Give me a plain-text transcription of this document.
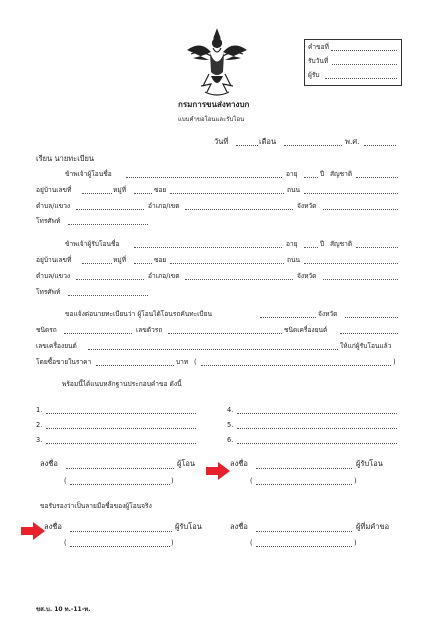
คำขอที่
รับวันที่
ผู้รับ
กรมการขนส่งทางบก
แบบคำขอโอนและรับโอน
วันที่	เดือน	พ.ศ.
เรียน นายทะเบียน
ข้าพเจ้าผู้โอนชื่อ	อายุ	ปี สัญชาติ
อยู่บ้านเลขที่	หมู่ที่	ซอย	ถนน
ตำบล/แขวง	อำเภอ/เขต	จังหวัด
โทรศัพท์
ข้าพเจ้าผู้รับโอนชื่อ	อายุ	ปี สัญชาติ
อยู่บ้านเลขที่	หมู่ที่	ซอย	ถนน
ตำบล/แขวง	อำเภอ/เขต	จังหวัด
โทรศัพท์
ขอแจ้งต่อนายทะเบียนว่า ผู้โอนได้โอนรถคันทะเบียน	จังหวัด
ชนิดรถ	เลขตัวรถ	ชนิดเครื่องยนต์
เลขเครื่องยนต์	ให้แก่ผู้รับโอนแล้ว
โดยซื้อขายในราคา	บาท (	)
พร้อมนี้ได้แนบหลักฐานประกอบคำขอ ดังนี้
1.
2.
3.
4.
5.
6.
ลงชื่อ	ผู้โอน
(	)
ลงชื่อ	ผู้รับโอน
(	)
ขอรับรองว่าเป็นลายมือชื่อของผู้โอนจริง
ลงชื่อ	ผู้รับโอน
(	)
ลงชื่อ	ผู้ที่มคำขอ
(	)
ขส.บ. 10 ท.-11-ท.
